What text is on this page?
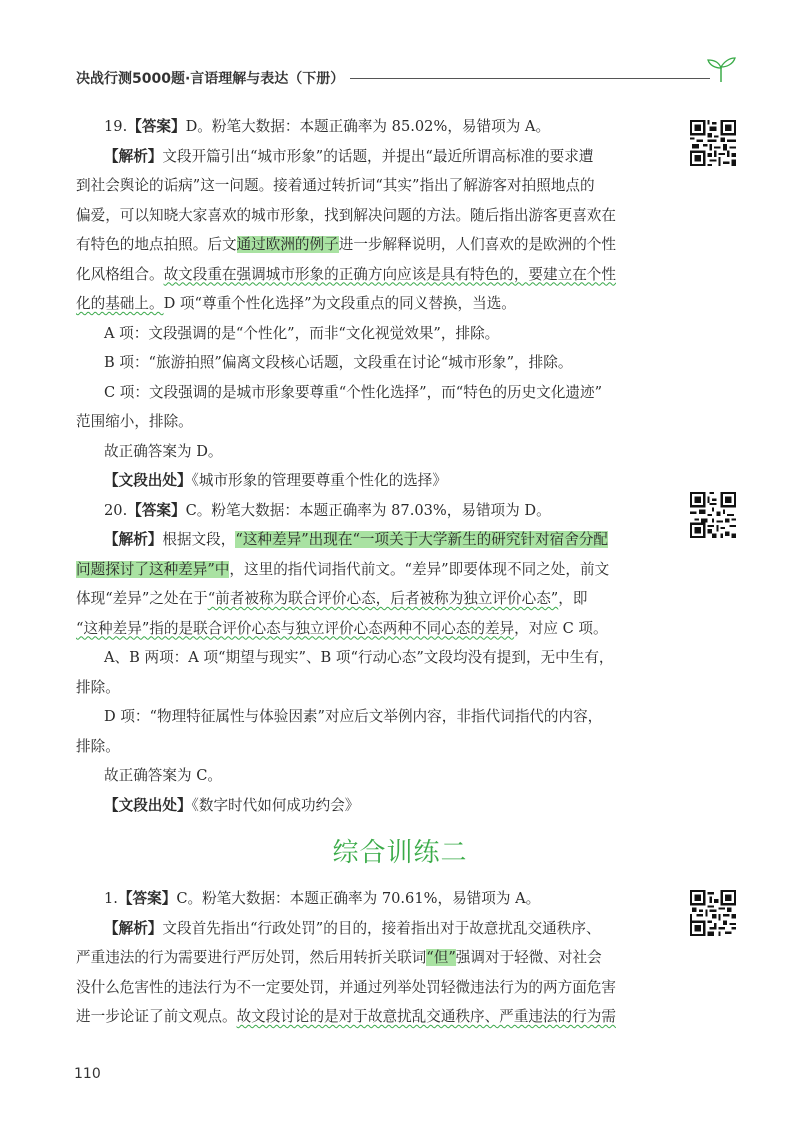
决战行测5000题·言语理解与表达（下册）

19.【答案】D。粉笔大数据：本题正确率为 85.02%，易错项为 A。

【解析】文段开篇引出“城市形象”的话题，并提出“最近所谓高标准的要求遭

到社会舆论的诟病”这一问题。接着通过转折词“其实”指出了解游客对拍照地点的

偏爱，可以知晓大家喜欢的城市形象，找到解决问题的方法。随后指出游客更喜欢在

有特色的地点拍照。后文通过欧洲的例子进一步解释说明，人们喜欢的是欧洲的个性

化风格组合。故文段重在强调城市形象的正确方向应该是具有特色的，要建立在个性

化的基础上。D 项“尊重个性化选择”为文段重点的同义替换，当选。

A 项：文段强调的是“个性化”，而非“文化视觉效果”，排除。

B 项：“旅游拍照”偏离文段核心话题，文段重在讨论“城市形象”，排除。

C 项：文段强调的是城市形象要尊重“个性化选择”，而“特色的历史文化遗迹”

范围缩小，排除。

故正确答案为 D。

【文段出处】《城市形象的管理要尊重个性化的选择》

20.【答案】C。粉笔大数据：本题正确率为 87.03%，易错项为 D。

【解析】根据文段，“这种差异”出现在“一项关于大学新生的研究针对宿舍分配

问题探讨了这种差异”中，这里的指代词指代前文。“差异”即要体现不同之处，前文

体现“差异”之处在于“前者被称为联合评价心态，后者被称为独立评价心态”，即

“这种差异”指的是联合评价心态与独立评价心态两种不同心态的差异，对应 C 项。

A、B 两项：A 项“期望与现实”、B 项“行动心态”文段均没有提到，无中生有，

排除。

D 项：“物理特征属性与体验因素”对应后文举例内容，非指代词指代的内容，

排除。

故正确答案为 C。

【文段出处】《数字时代如何成功约会》

综合训练二

1.【答案】C。粉笔大数据：本题正确率为 70.61%，易错项为 A。

【解析】文段首先指出“行政处罚”的目的，接着指出对于故意扰乱交通秩序、

严重违法的行为需要进行严厉处罚，然后用转折关联词“但”强调对于轻微、对社会

没什么危害性的违法行为不一定要处罚，并通过列举处罚轻微违法行为的两方面危害

进一步论证了前文观点。故文段讨论的是对于故意扰乱交通秩序、严重违法的行为需

110
